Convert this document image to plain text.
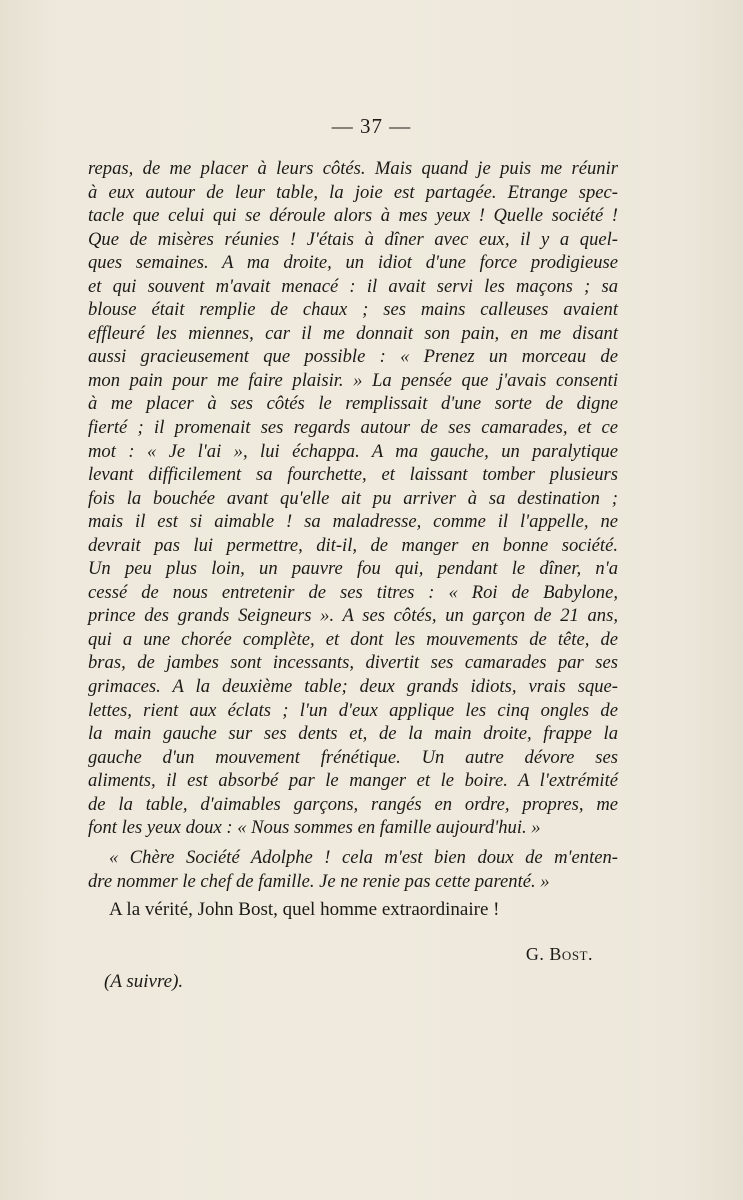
— 37 —
repas, de me placer à leurs côtés. Mais quand je puis me réunir
à eux autour de leur table, la joie est partagée. Etrange spec-
tacle que celui qui se déroule alors à mes yeux ! Quelle société !
Que de misères réunies ! J'étais à dîner avec eux, il y a quel-
ques semaines. A ma droite, un idiot d'une force prodigieuse
et qui souvent m'avait menacé : il avait servi les maçons ; sa
blouse était remplie de chaux ; ses mains calleuses avaient
effleuré les miennes, car il me donnait son pain, en me disant
aussi gracieusement que possible : « Prenez un morceau de
mon pain pour me faire plaisir. » La pensée que j'avais consenti
à me placer à ses côtés le remplissait d'une sorte de digne
fierté ; il promenait ses regards autour de ses camarades, et ce
mot : « Je l'ai », lui échappa. A ma gauche, un paralytique
levant difficilement sa fourchette, et laissant tomber plusieurs
fois la bouchée avant qu'elle ait pu arriver à sa destination ;
mais il est si aimable ! sa maladresse, comme il l'appelle, ne
devrait pas lui permettre, dit-il, de manger en bonne société.
Un peu plus loin, un pauvre fou qui, pendant le dîner, n'a
cessé de nous entretenir de ses titres : « Roi de Babylone,
prince des grands Seigneurs ». A ses côtés, un garçon de 21 ans,
qui a une chorée complète, et dont les mouvements de tête, de
bras, de jambes sont incessants, divertit ses camarades par ses
grimaces. A la deuxième table; deux grands idiots, vrais sque-
lettes, rient aux éclats ; l'un d'eux applique les cinq ongles de
la main gauche sur ses dents et, de la main droite, frappe la
gauche d'un mouvement frénétique. Un autre dévore ses
aliments, il est absorbé par le manger et le boire. A l'extrémité
de la table, d'aimables garçons, rangés en ordre, propres, me
font les yeux doux : « Nous sommes en famille aujourd'hui. »
« Chère Société Adolphe ! cela m'est bien doux de m'enten-
dre nommer le chef de famille. Je ne renie pas cette parenté. »
A la vérité, John Bost, quel homme extraordinaire !
G. Bost.
(A suivre).
